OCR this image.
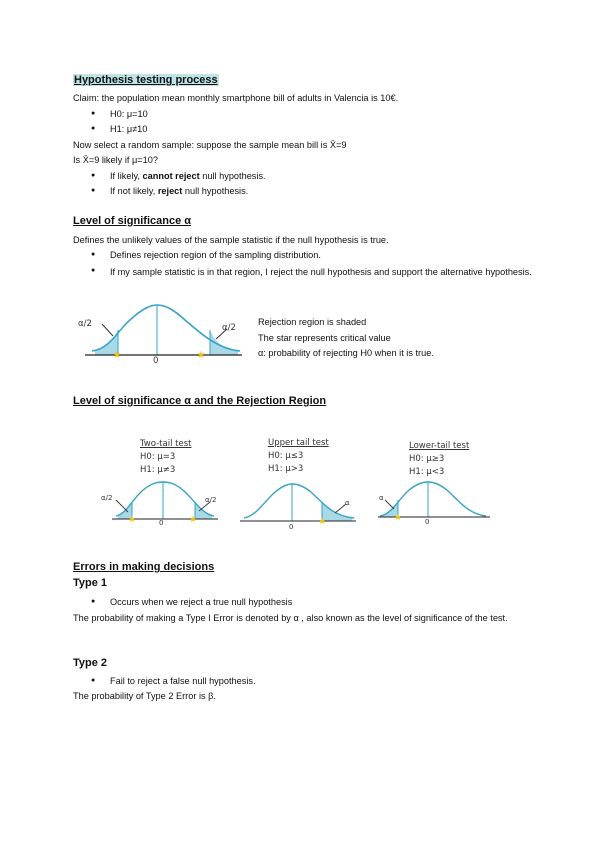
Hypothesis testing process
Claim: the population mean monthly smartphone bill of adults in Valencia is 10€.
● H0: μ=10
● H1: μ≠10
Now select a random sample: suppose the sample mean bill is X̄=9
Is X̄=9 likely if μ=10?
● If likely, cannot reject null hypothesis.
● If not likely, reject null hypothesis.
Level of significance α
Defines the unlikely values of the sample statistic if the null hypothesis is true.
● Defines rejection region of the sampling distribution.
● If my sample statistic is in that region, I reject the null hypothesis and support the alternative hypothesis.
★	★
α/2	α/2
0
Rejection region is shaded
The star represents critical value
α: probability of rejecting H0 when it is true.
Level of significance α and the Rejection Region
Two-tail test
H0: μ=3
H1: μ≠3
★	★
α/2	α/2
0
Upper tail test
H0: μ≤3
H1: μ>3
★
α
0
Lower-tail test
H0: μ≥3
H1: μ<3
★
α
0
Errors in making decisions
Type 1
● Occurs when we reject a true null hypothesis
The probability of making a Type I Error is denoted by α , also known as the level of significance of the test.
Type 2
● Fail to reject a false null hypothesis.
The probability of Type 2 Error is β.
